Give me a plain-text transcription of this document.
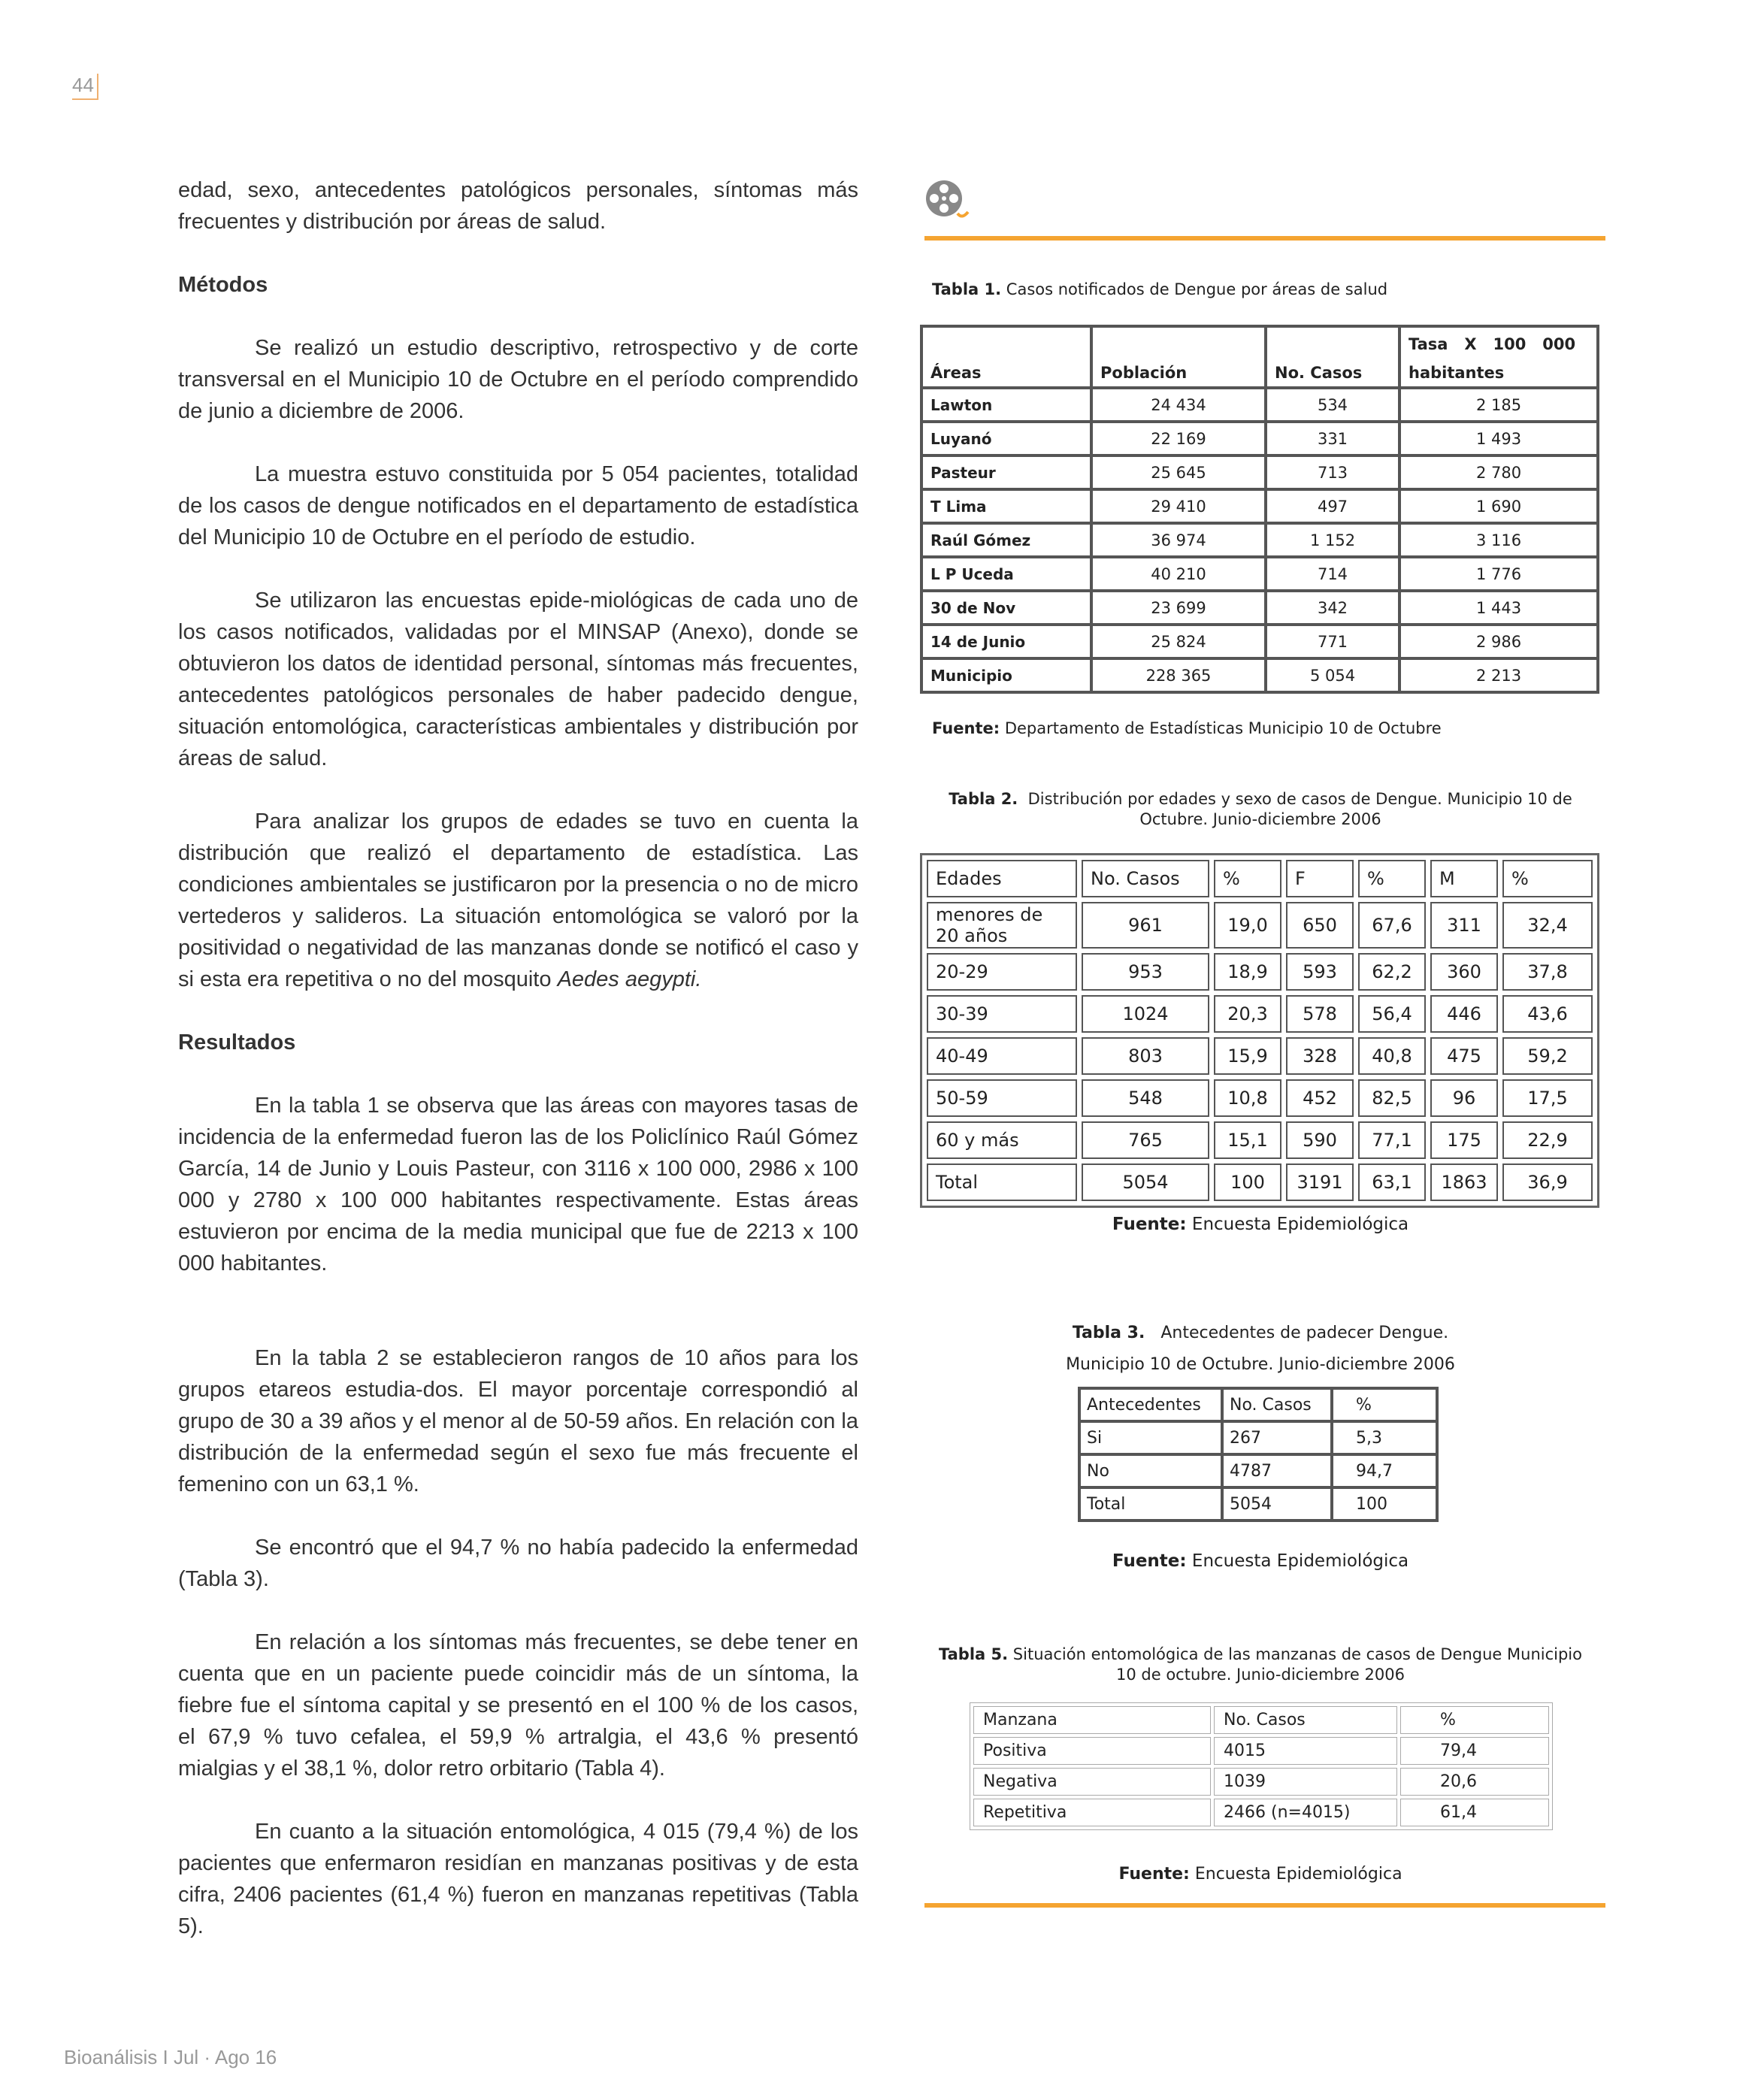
44

edad, sexo, antecedentes patológicos personales, síntomas más frecuentes y distribución por áreas de salud.

Métodos

Se realizó un estudio descriptivo, retrospectivo y de corte transversal en el Municipio 10 de Octubre en el período comprendido de junio a diciembre de 2006.

La muestra estuvo constituida por 5 054 pacientes, totalidad de los casos de dengue notificados en el departamento de estadística del Municipio 10 de Octubre en el período de estudio.

Se utilizaron las encuestas epide-miológicas de cada uno de los casos notificados, validadas por el MINSAP (Anexo), donde se obtuvieron los datos de identidad personal, síntomas más frecuentes, antecedentes patológicos personales de haber padecido dengue, situación entomológica, características ambientales y distribución por áreas de salud.

Para analizar los grupos de edades se tuvo en cuenta la distribución que realizó el departamento de estadística. Las condiciones ambientales se justificaron por la presencia o no de micro vertederos y salideros. La situación entomológica se valoró por la positividad o negatividad de las manzanas donde se notificó el caso y si esta era repetitiva o no del mosquito Aedes aegypti.

Resultados

En la tabla 1 se observa que las áreas con mayores tasas de incidencia de la enfermedad fueron las de los Policlínico Raúl Gómez García, 14 de Junio y Louis Pasteur, con 3116 x 100 000, 2986 x 100 000 y 2780 x 100 000 habitantes respectivamente. Estas áreas estuvieron por encima de la media municipal que fue de 2213 x 100 000 habitantes.

En la tabla 2 se establecieron rangos de 10 años para los grupos etareos estudia-dos. El mayor porcentaje correspondió al grupo de 30 a 39 años y el menor al de 50-59 años. En relación con la distribución de la enfermedad según el sexo fue más frecuente el femenino con un 63,1 %.

Se encontró que el 94,7 % no había padecido la enfermedad (Tabla 3).

En relación a los síntomas más frecuentes, se debe tener en cuenta que en un paciente puede coincidir más de un síntoma, la fiebre fue el síntoma capital y se presentó en el 100 % de los casos, el 67,9 % tuvo cefalea, el 59,9 % artralgia, el 43,6 % presentó mialgias y el 38,1 %, dolor retro orbitario (Tabla 4).

En cuanto a la situación entomológica, 4 015 (79,4 %) de los pacientes que enfermaron residían en manzanas positivas y de esta cifra, 2406 pacientes (61,4 %) fueron en manzanas repetitivas (Tabla 5).

Tabla 1. Casos notificados de Dengue por áreas de salud
Áreas	Población	No. Casos	Tasa   X   100   000
habitantes
Lawton	24 434	534	2 185
Luyanó	22 169	331	1 493
Pasteur	25 645	713	2 780
T Lima	29 410	497	1 690
Raúl Gómez	36 974	1 152	3 116
L P Uceda	40 210	714	1 776
30 de Nov	23 699	342	1 443
14 de Junio	25 824	771	2 986
Municipio	228 365	5 054	2 213
Fuente: Departamento de Estadísticas Municipio 10 de Octubre
Tabla 2. Distribución por edades y sexo de casos de Dengue. Municipio 10 de
Octubre. Junio-diciembre 2006
Edades	No. Casos	%	F	%	M	%
menores de 20 años	961	19,0	650	67,6	311	32,4
20-29	953	18,9	593	62,2	360	37,8
30-39	1024	20,3	578	56,4	446	43,6
40-49	803	15,9	328	40,8	475	59,2
50-59	548	10,8	452	82,5	96	17,5
60 y más	765	15,1	590	77,1	175	22,9
Total	5054	100	3191	63,1	1863	36,9
Fuente: Encuesta Epidemiológica
Tabla 3. Antecedentes de padecer Dengue.
Municipio 10 de Octubre. Junio-diciembre 2006
Antecedentes	No. Casos	%
Si	267	5,3
No	4787	94,7
Total	5054	100
Fuente: Encuesta Epidemiológica
Tabla 5. Situación entomológica de las manzanas de casos de Dengue Municipio
10 de octubre. Junio-diciembre 2006
Manzana	No. Casos	%
Positiva	4015	79,4
Negativa	1039	20,6
Repetitiva	2466 (n=4015)	61,4
Fuente: Encuesta Epidemiológica
Bioanálisis I Jul · Ago 16
